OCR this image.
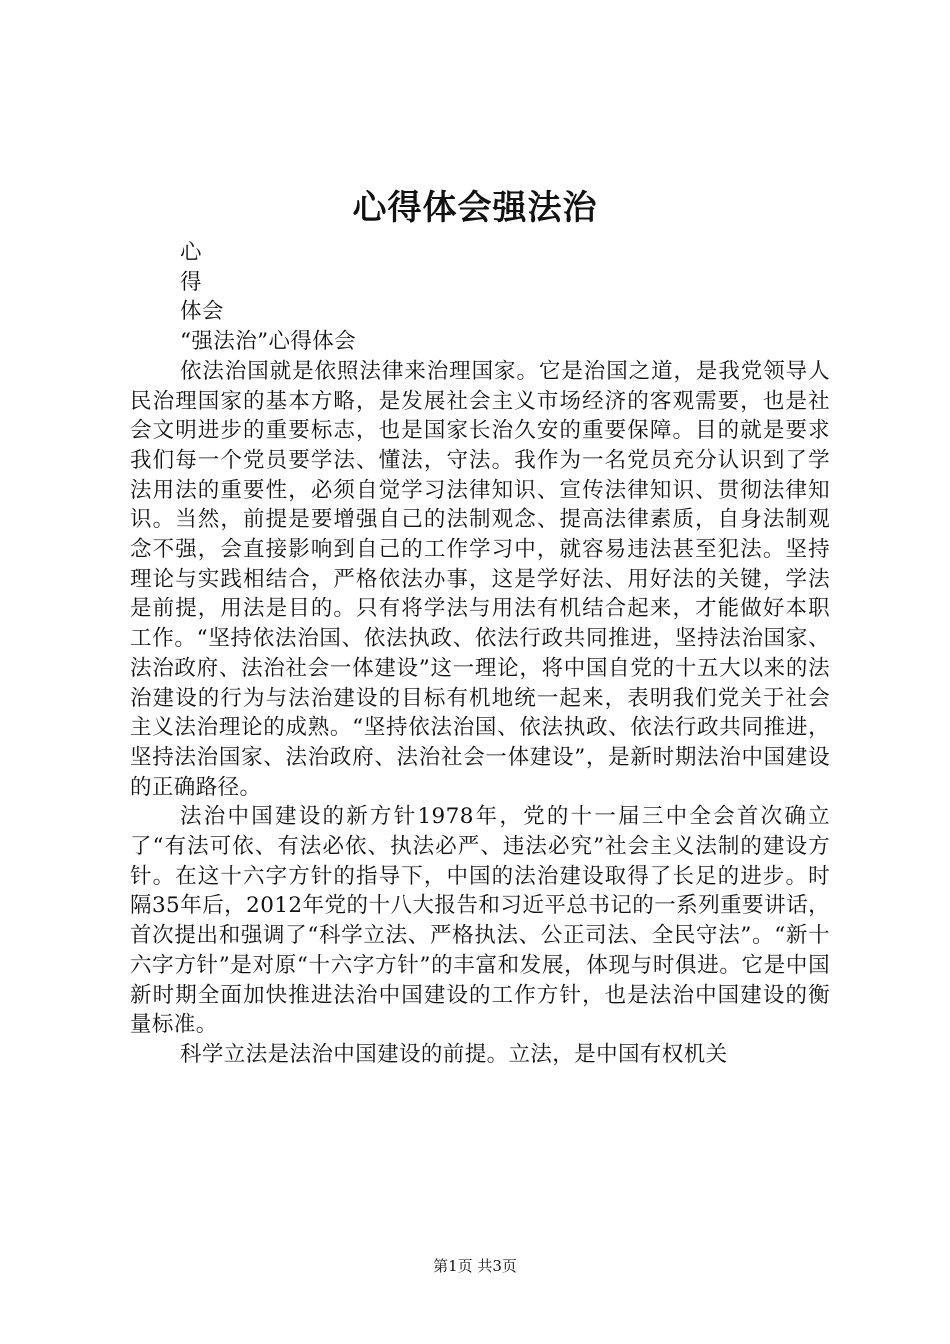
心得体会强法治
心
得
体会
“强法治”心得体会

依法治国就是依照法律来治理国家。它是治国之道，是我党领导人民治理国家的基本方略，是发展社会主义市场经济的客观需要，也是社会文明进步的重要标志，也是国家长治久安的重要保障。目的就是要求我们每一个党员要学法、懂法，守法。我作为一名党员充分认识到了学法用法的重要性，必须自觉学习法律知识、宣传法律知识、贯彻法律知识。当然，前提是要增强自己的法制观念、提高法律素质，自身法制观念不强，会直接影响到自己的工作学习中，就容易违法甚至犯法。坚持理论与实践相结合，严格依法办事，这是学好法、用好法的关键，学法是前提，用法是目的。只有将学法与用法有机结合起来，才能做好本职工作。“坚持依法治国、依法执政、依法行政共同推进，坚持法治国家、法治政府、法治社会一体建设”这一理论，将中国自党的十五大以来的法治建设的行为与法治建设的目标有机地统一起来，表明我们党关于社会主义法治理论的成熟。“坚持依法治国、依法执政、依法行政共同推进，坚持法治国家、法治政府、法治社会一体建设”，是新时期法治中国建设的正确路径。

法治中国建设的新方针1978年，党的十一届三中全会首次确立了“有法可依、有法必依、执法必严、违法必究”社会主义法制的建设方针。在这十六字方针的指导下，中国的法治建设取得了长足的进步。时隔35年后，2012年党的十八大报告和习近平总书记的一系列重要讲话，首次提出和强调了“科学立法、严格执法、公正司法、全民守法”。“新十六字方针”是对原“十六字方针”的丰富和发展，体现与时俱进。它是中国新时期全面加快推进法治中国建设的工作方针，也是法治中国建设的衡量标准。

科学立法是法治中国建设的前提。立法，是中国有权机关

第1页 共3页
